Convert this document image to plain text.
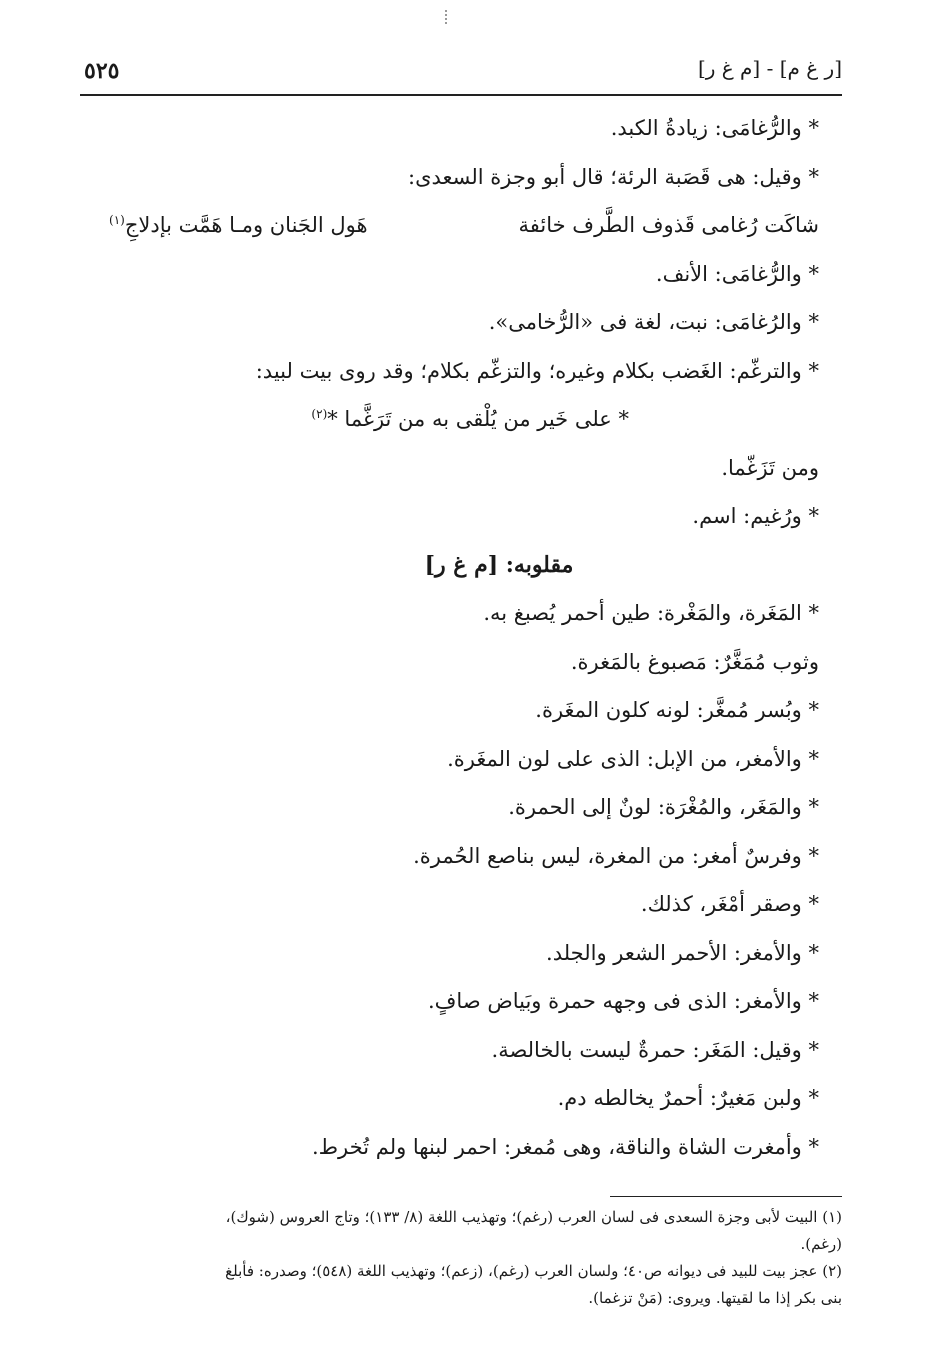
٥٢٥	[ر غ م] - [م غ ر]
* والرُّغامَى: زيادةُ الكبد.
* وقيل: هى قَصَبة الرئة؛ قال أبو وجزة السعدى:
شاكَت رُغامى قَذوف الطَّرف خائفة
هَول الجَنان ومـا هَمَّت بإدلاجِ$^{(١)}$
* والرُّغامَى: الأنف.
* والرُغامَى: نبت، لغة فى «الرُّخامى».
* والترغّم: الغَضب بكلام وغيره؛ والتزغّم بكلام؛ وقد روى بيت لبيد:
* على خَير من يُلْقى به من تَرَغَّما *$^{(٢)}$
ومن تَزَغّما.
* ورُغيم: اسم.
مقلوبه: [م غ ر]
* المَغَرة، والمَغْرة: طين أحمر يُصبغ به.
وثوب مُمَغَّرٌ: مَصبوغ بالمَغرة.
* وبُسر مُمغَّر: لونه كلون المغَرة.
* والأمغر، من الإبل: الذى على لون المغَرة.
* والمَغَر، والمُغْرَة: لونٌ إلى الحمرة.
* وفرسٌ أمغر: من المغرة، ليس بناصع الحُمرة.
* وصقر أمْغَر، كذلك.
* والأمغر: الأحمر الشعر والجلد.
* والأمغر: الذى فى وجهه حمرة وبَياض صافٍ.
* وقيل: المَغَر: حمرةٌ ليست بالخالصة.
* ولبن مَغيرٌ: أحمرٌ يخالطه دم.
* وأمغرت الشاة والناقة، وهى مُمغر: احمر لبنها ولم تُخرط.
(١) البيت لأبى وجزة السعدى فى لسان العرب (رغم)؛ وتهذيب اللغة (٨/ ١٣٣)؛ وتاج العروس (شوك)،
(رغم).
(٢) عجز بيت للبيد فى ديوانه ص٤٠؛ ولسان العرب (رغم)، (زعم)؛ وتهذيب اللغة (٥٤٨)؛ وصدره: فأبلغ
بنى بكر إذا ما لقيتها. ويروى: (مَنْ تزغما).
